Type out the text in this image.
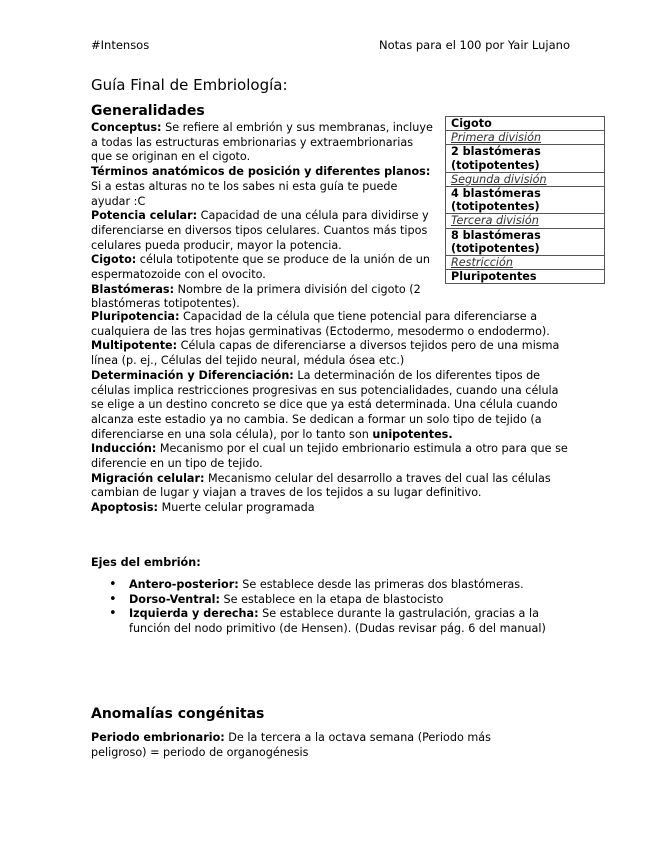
#Intensos	Notas para el 100 por Yair Lujano
Guía Final de Embriología:
Generalidades

Conceptus: Se refiere al embrión y sus membranas, incluye a todas las estructuras embrionarias y extraembrionarias que se originan en el cigoto.

Términos anatómicos de posición y diferentes planos: Si a estas alturas no te los sabes ni esta guía te puede ayudar :C

Potencia celular: Capacidad de una célula para dividirse y diferenciarse en diversos tipos celulares. Cuantos más tipos celulares pueda producir, mayor la potencia.

Cigoto: célula totipotente que se produce de la unión de un espermatozoide con el ovocito.

Blastómeras: Nombre de la primera división del cigoto (2 blastómeras totipotentes).

Cigoto
Primera división
2 blastómeras (totipotentes)
Segunda división
4 blastómeras (totipotentes)
Tercera división
8 blastómeras (totipotentes)
Restricción
Pluripotentes

Pluripotencia: Capacidad de la célula que tiene potencial para diferenciarse a cualquiera de las tres hojas germinativas (Ectodermo, mesodermo o endodermo).

Multipotente: Célula capas de diferenciarse a diversos tejidos pero de una misma línea (p. ej., Células del tejido neural, médula ósea etc.)

Determinación y Diferenciación: La determinación de los diferentes tipos de células implica restricciones progresivas en sus potencialidades, cuando una célula se elige a un destino concreto se dice que ya está determinada. Una célula cuando alcanza este estadio ya no cambia. Se dedican a formar un solo tipo de tejido (a diferenciarse en una sola célula), por lo tanto son unipotentes.

Inducción: Mecanismo por el cual un tejido embrionario estimula a otro para que se diferencie en un tipo de tejido.

Migración celular: Mecanismo celular del desarrollo a traves del cual las células cambian de lugar y viajan a traves de los tejidos a su lugar definitivo.

Apoptosis: Muerte celular programada

Ejes del embrión:
• Antero-posterior: Se establece desde las primeras dos blastómeras.
• Dorso-Ventral: Se establece en la etapa de blastocisto
• Izquierda y derecha: Se establece durante la gastrulación, gracias a la función del nodo primitivo (de Hensen). (Dudas revisar pág. 6 del manual)
Anomalías congénitas

Periodo embrionario: De la tercera a la octava semana (Periodo más peligroso) = periodo de organogénesis
